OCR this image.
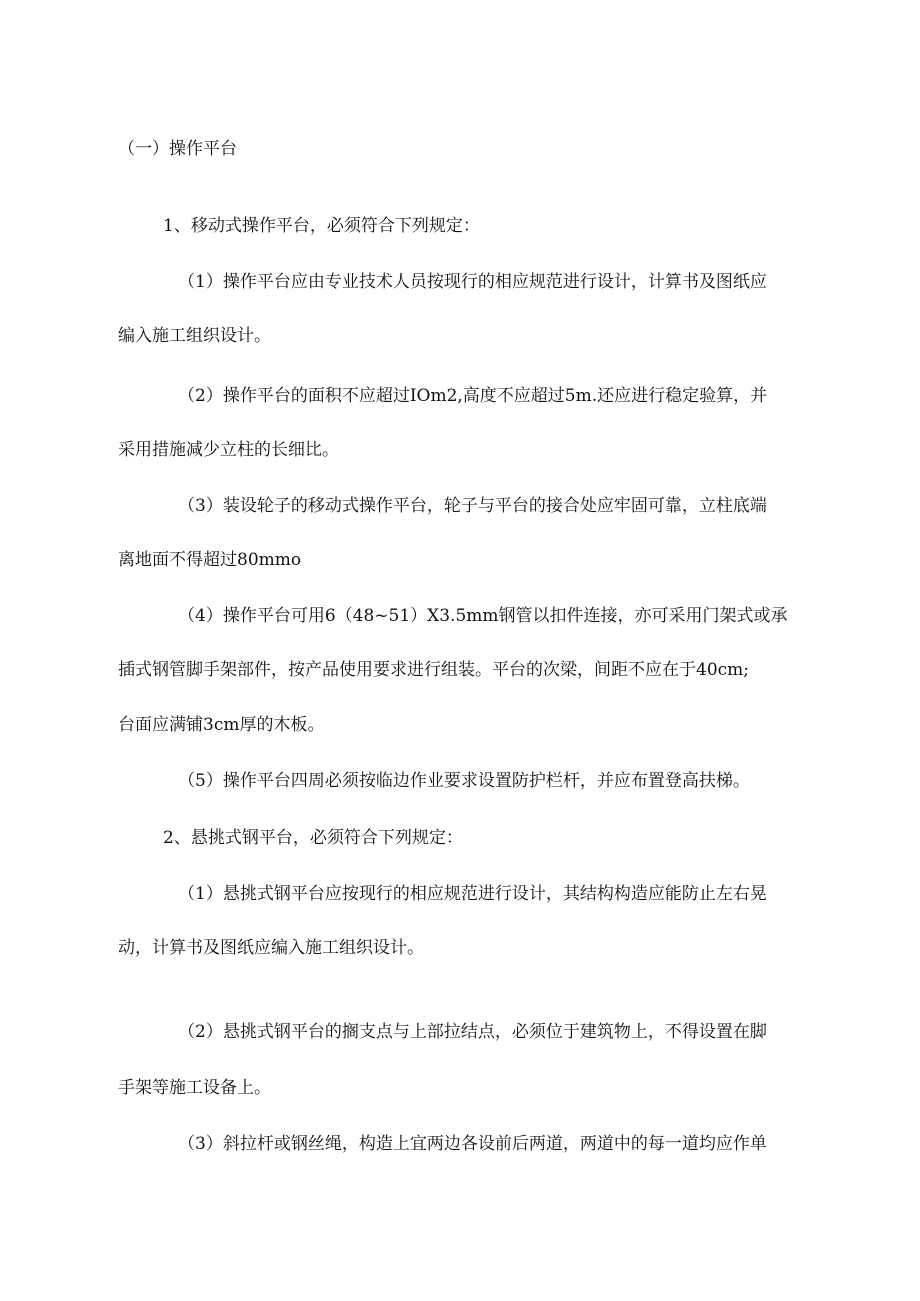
（一）操作平台
1、移动式操作平台，必须符合下列规定：
（1）操作平台应由专业技术人员按现行的相应规范进行设计，计算书及图纸应
编入施工组织设计。
（2）操作平台的面积不应超过IOm2,高度不应超过5m.还应进行稳定验算，并
采用措施减少立柱的长细比。
（3）装设轮子的移动式操作平台，轮子与平台的接合处应牢固可靠，立柱底端
离地面不得超过80mmo
（4）操作平台可用6（48~51）X3.5mm钢管以扣件连接，亦可采用门架式或承
插式钢管脚手架部件，按产品使用要求进行组装。平台的次梁，间距不应在于40cm;
台面应满铺3cm厚的木板。
（5）操作平台四周必须按临边作业要求设置防护栏杆，并应布置登高扶梯。
2、悬挑式钢平台，必须符合下列规定：
（1）悬挑式钢平台应按现行的相应规范进行设计，其结构构造应能防止左右晃
动，计算书及图纸应编入施工组织设计。
（2）悬挑式钢平台的搁支点与上部拉结点，必须位于建筑物上，不得设置在脚
手架等施工设备上。
（3）斜拉杆或钢丝绳，构造上宜两边各设前后两道，两道中的每一道均应作单
